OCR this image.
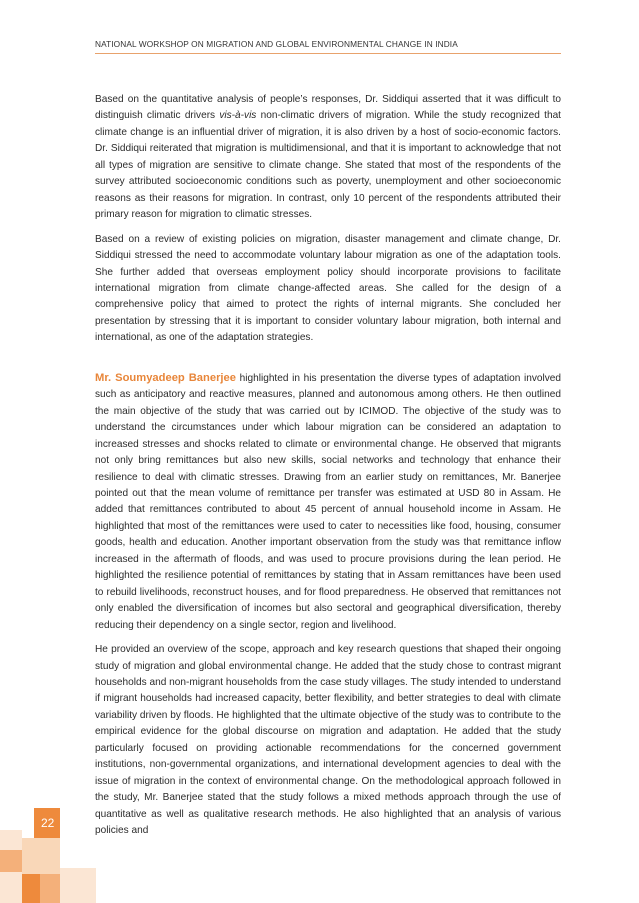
NATIONAL WORKSHOP ON MIGRATION AND GLOBAL ENVIRONMENTAL CHANGE IN INDIA

Based on the quantitative analysis of people’s responses, Dr. Siddiqui asserted that it was difficult to distinguish climatic drivers vis-à-vis non-climatic drivers of migration. While the study recognized that climate change is an influential driver of migration, it is also driven by a host of socio-economic factors. Dr. Siddiqui reiterated that migration is multidimensional, and that it is important to acknowledge that not all types of migration are sensitive to climate change. She stated that most of the respondents of the survey attributed socioeconomic conditions such as poverty, unemployment and other socioeconomic reasons as their reasons for migration. In contrast, only 10 percent of the respondents attributed their primary reason for migration to climatic stresses.

Based on a review of existing policies on migration, disaster management and climate change, Dr. Siddiqui stressed the need to accommodate voluntary labour migration as one of the adaptation tools. She further added that overseas employment policy should incorporate provisions to facilitate international migration from climate change-affected areas. She called for the design of a comprehensive policy that aimed to protect the rights of internal migrants. She concluded her presentation by stressing that it is important to consider voluntary labour migration, both internal and international, as one of the adaptation strategies.

Mr. Soumyadeep Banerjee highlighted in his presentation the diverse types of adaptation involved such as anticipatory and reactive measures, planned and autonomous among others. He then outlined the main objective of the study that was carried out by ICIMOD. The objective of the study was to understand the circumstances under which labour migration can be considered an adaptation to increased stresses and shocks related to climate or environmental change. He observed that migrants not only bring remittances but also new skills, social networks and technology that enhance their resilience to deal with climatic stresses. Drawing from an earlier study on remittances, Mr. Banerjee pointed out that the mean volume of remittance per transfer was estimated at USD 80 in Assam. He added that remittances contributed to about 45 percent of annual household income in Assam. He highlighted that most of the remittances were used to cater to necessities like food, housing, consumer goods, health and education. Another important observation from the study was that remittance inflow increased in the aftermath of floods, and was used to procure provisions during the lean period. He highlighted the resilience potential of remittances by stating that in Assam remittances have been used to rebuild livelihoods, reconstruct houses, and for flood preparedness. He observed that remittances not only enabled the diversification of incomes but also sectoral and geographical diversification, thereby reducing their dependency on a single sector, region and livelihood.

He provided an overview of the scope, approach and key research questions that shaped their ongoing study of migration and global environmental change. He added that the study chose to contrast migrant households and non-migrant households from the case study villages. The study intended to understand if migrant households had increased capacity, better flexibility, and better strategies to deal with climate variability driven by floods. He highlighted that the ultimate objective of the study was to contribute to the empirical evidence for the global discourse on migration and adaptation. He added that the study particularly focused on providing actionable recommendations for the concerned government institutions, non-governmental organizations, and international development agencies to deal with the issue of migration in the context of environmental change. On the methodological approach followed in the study, Mr. Banerjee stated that the study follows a mixed methods approach through the use of quantitative as well as qualitative research methods. He also highlighted that an analysis of various policies and

22
